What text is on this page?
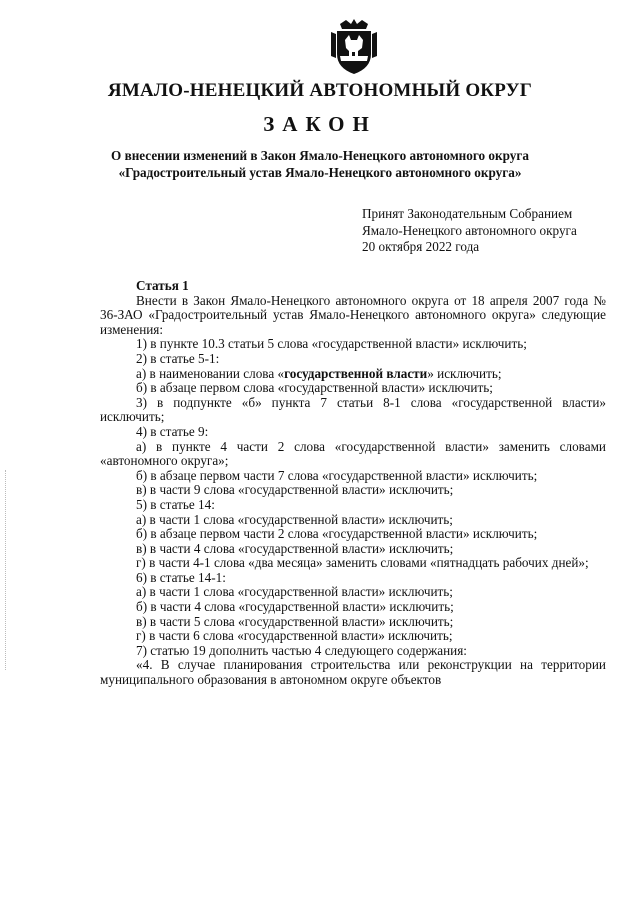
ЯМАЛО-НЕНЕЦКИЙ АВТОНОМНЫЙ ОКРУГ
ЗАКОН
О внесении изменений в Закон Ямало-Ненецкого автономного округа
«Градостроительный устав Ямало-Ненецкого автономного округа»
Принят Законодательным Собранием
Ямало-Ненецкого автономного округа
20 октября 2022 года

Статья 1

Внести в Закон Ямало-Ненецкого автономного округа от 18 апреля 2007 года № 36-ЗАО «Градостроительный устав Ямало-Ненецкого автономного округа» следующие изменения:

1) в пункте 10.3 статьи 5 слова «государственной власти» исключить;

2) в статье 5-1:

а) в наименовании слова «государственной власти» исключить;

б) в абзаце первом слова «государственной власти» исключить;

3) в подпункте «б» пункта 7 статьи 8-1 слова «государственной власти» исключить;

4) в статье 9:

а) в пункте 4 части 2 слова «государственной власти» заменить словами «автономного округа»;

б) в абзаце первом части 7 слова «государственной власти» исключить;

в) в части 9 слова «государственной власти» исключить;

5) в статье 14:

а) в части 1 слова «государственной власти» исключить;

б) в абзаце первом части 2 слова «государственной власти» исключить;

в) в части 4 слова «государственной власти» исключить;

г) в части 4-1 слова «два месяца» заменить словами «пятнадцать рабочих дней»;

6) в статье 14-1:

а) в части 1 слова «государственной власти» исключить;

б) в части 4 слова «государственной власти» исключить;

в) в части 5 слова «государственной власти» исключить;

г) в части 6 слова «государственной власти» исключить;

7) статью 19 дополнить частью 4 следующего содержания:

«4. В случае планирования строительства или реконструкции на территории муниципального образования в автономном округе объектов
